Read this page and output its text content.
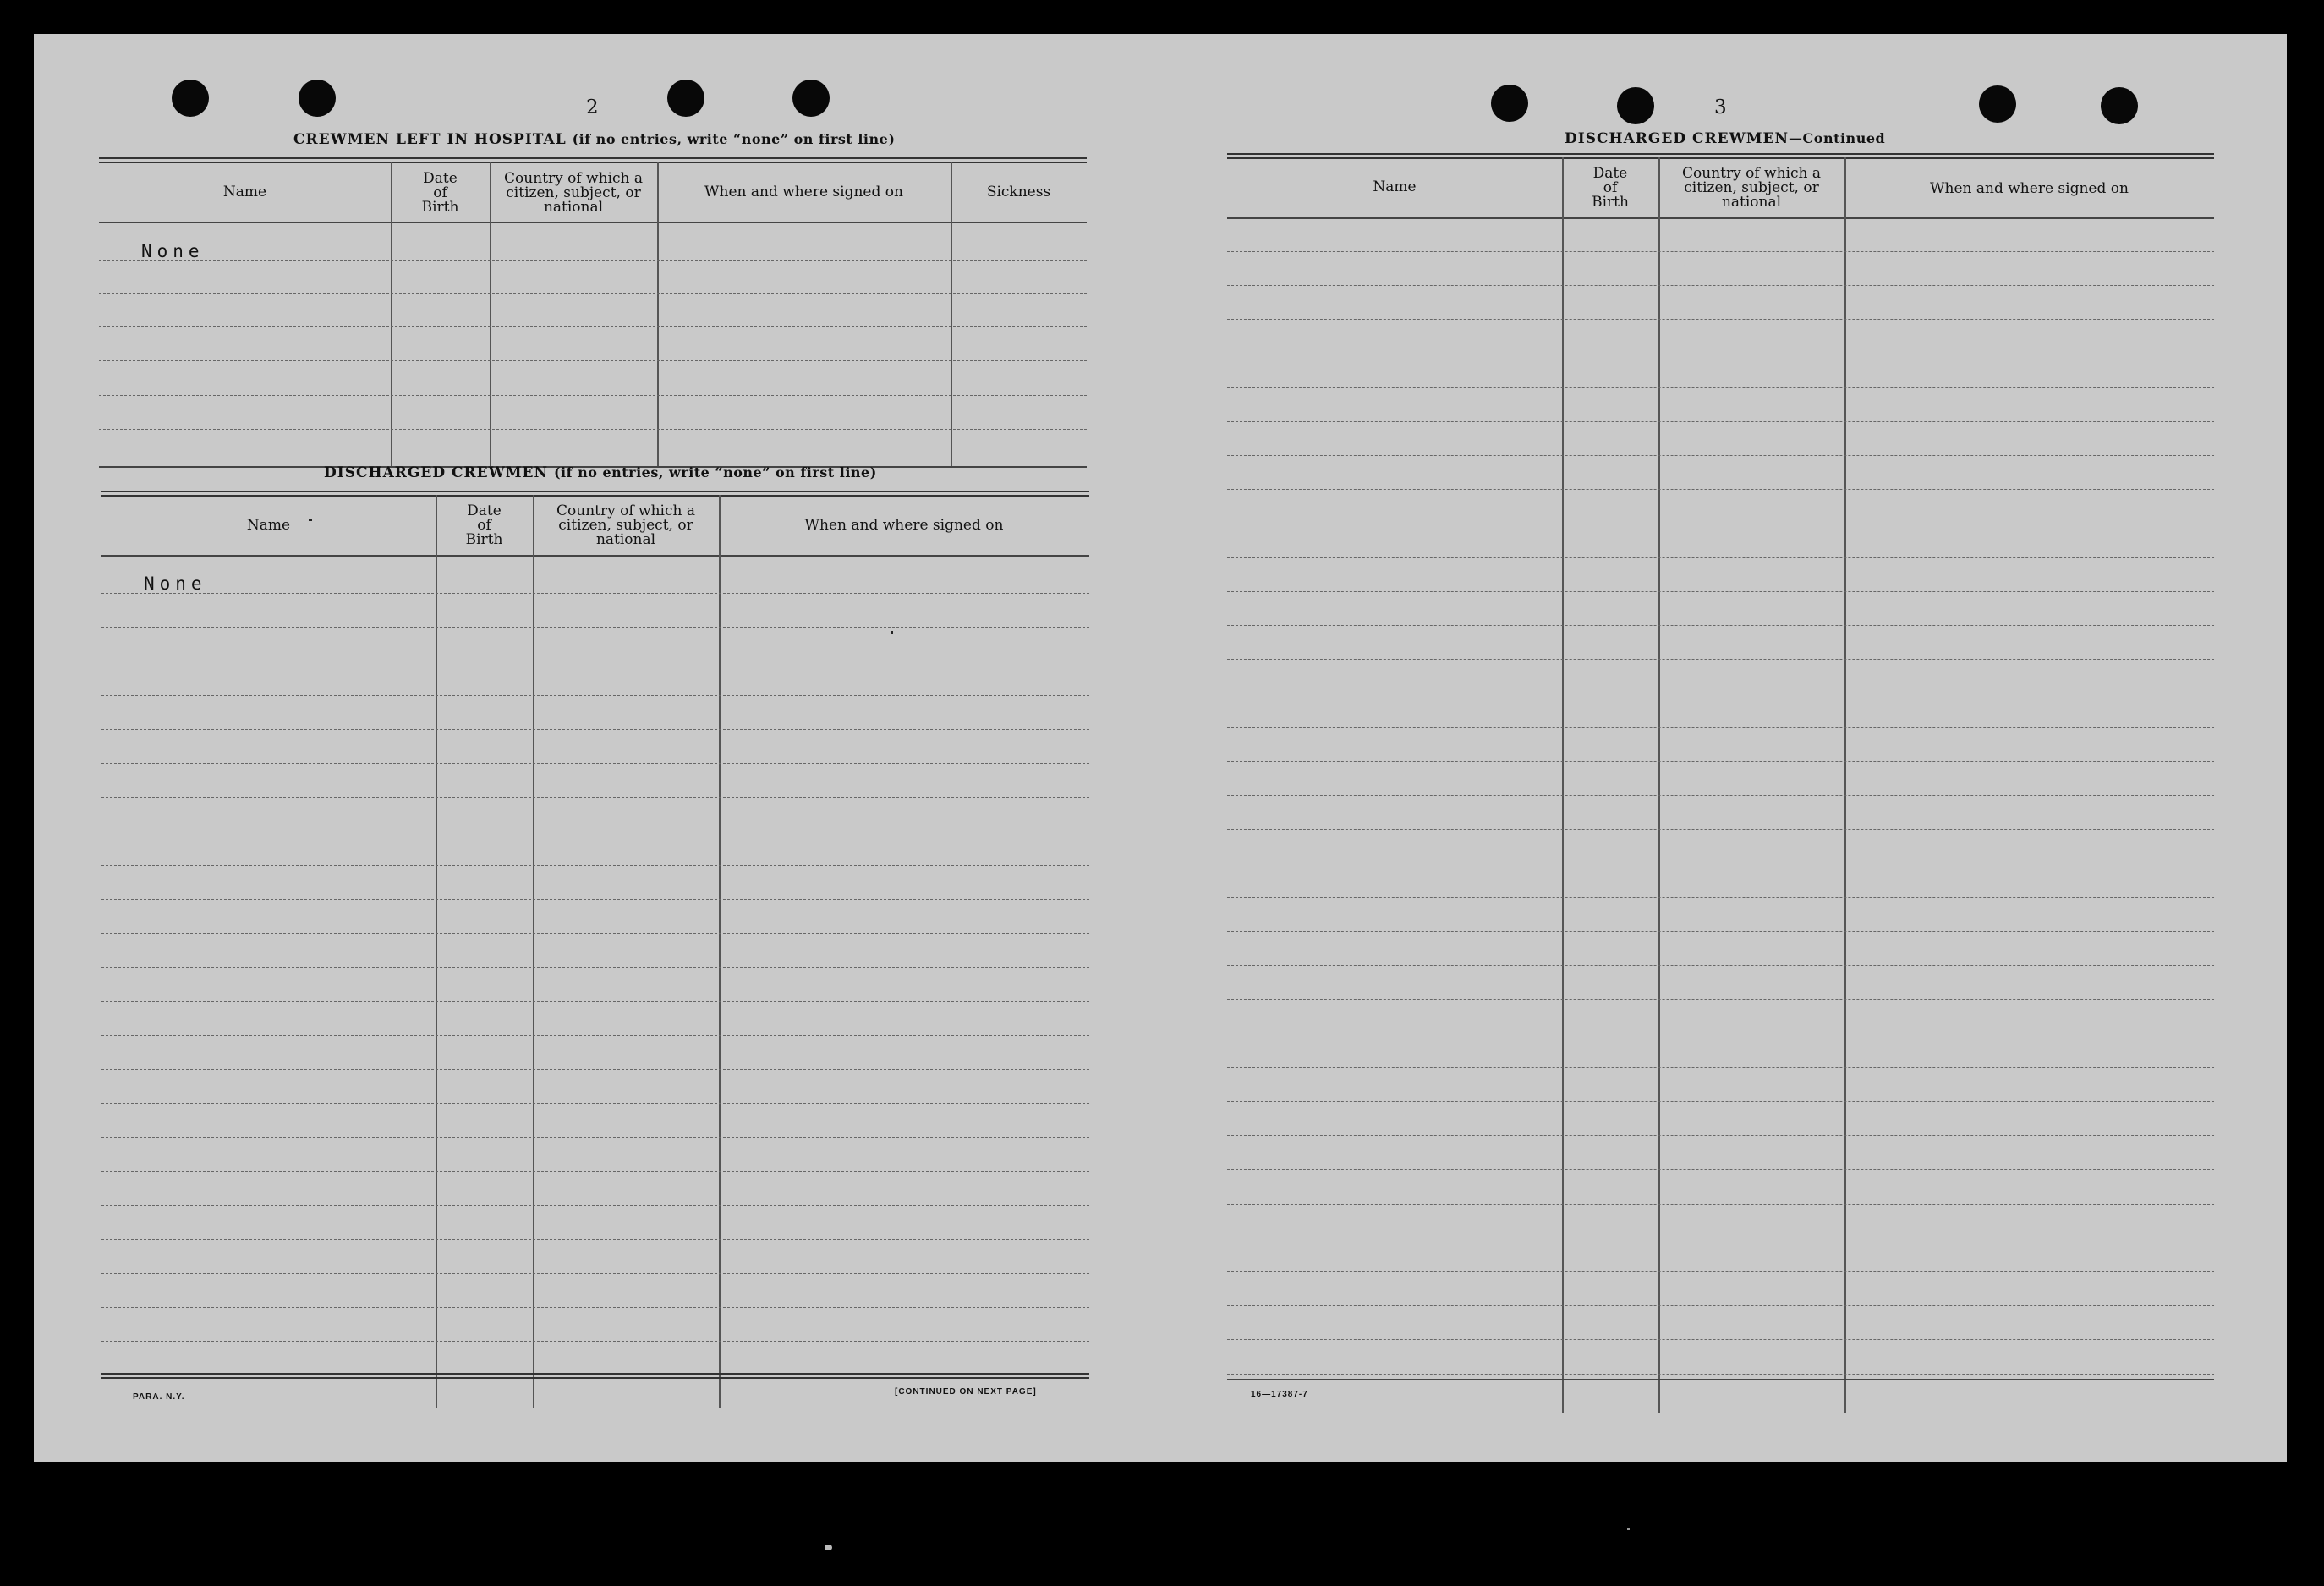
2
CREWMEN LEFT IN HOSPITAL (if no entries, write “none” on first line)
Name
Date
of
Birth
Country of which a
citizen, subject, or
national
When and where signed on	Sickness
None
DISCHARGED CREWMEN (if no entries, write “none” on first line)
Name
Date
of
Birth
Country of which a
citizen, subject, or
national
When and where signed on
None
PARA. N.Y.
[CONTINUED ON NEXT PAGE]
3
DISCHARGED CREWMEN—Continued
Name
Date
of
Birth
Country of which a
citizen, subject, or
national
When and where signed on
16—17387-7
